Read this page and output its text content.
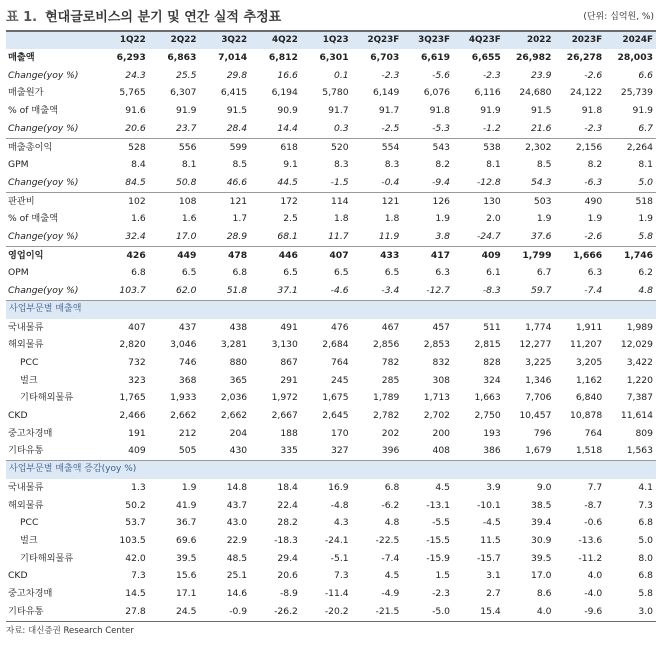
표 1. 현대글로비스의 분기 및 연간 실적 추정표	(단위: 십억원, %)
	1Q22	2Q22	3Q22	4Q22	1Q23	2Q23F	3Q23F	4Q23F	2022	2023F	2024F
매출액	6,293	6,863	7,014	6,812	6,301	6,703	6,619	6,655	26,982	26,278	28,003
Change(yoy %)	24.3	25.5	29.8	16.6	0.1	-2.3	-5.6	-2.3	23.9	-2.6	6.6
매출원가	5,765	6,307	6,415	6,194	5,780	6,149	6,076	6,116	24,680	24,122	25,739
% of 매출액	91.6	91.9	91.5	90.9	91.7	91.7	91.8	91.9	91.5	91.8	91.9
Change(yoy %)	20.6	23.7	28.4	14.4	0.3	-2.5	-5.3	-1.2	21.6	-2.3	6.7
매출총이익	528	556	599	618	520	554	543	538	2,302	2,156	2,264
GPM	8.4	8.1	8.5	9.1	8.3	8.3	8.2	8.1	8.5	8.2	8.1
Change(yoy %)	84.5	50.8	46.6	44.5	-1.5	-0.4	-9.4	-12.8	54.3	-6.3	5.0
판관비	102	108	121	172	114	121	126	130	503	490	518
% of 매출액	1.6	1.6	1.7	2.5	1.8	1.8	1.9	2.0	1.9	1.9	1.9
Change(yoy %)	32.4	17.0	28.9	68.1	11.7	11.9	3.8	-24.7	37.6	-2.6	5.8
영업이익	426	449	478	446	407	433	417	409	1,799	1,666	1,746
OPM	6.8	6.5	6.8	6.5	6.5	6.5	6.3	6.1	6.7	6.3	6.2
Change(yoy %)	103.7	62.0	51.8	37.1	-4.6	-3.4	-12.7	-8.3	59.7	-7.4	4.8
사업부문별 매출액											
국내물류	407	437	438	491	476	467	457	511	1,774	1,911	1,989
해외물류	2,820	3,046	3,281	3,130	2,684	2,856	2,853	2,815	12,277	11,207	12,029
PCC	732	746	880	867	764	782	832	828	3,225	3,205	3,422
벌크	323	368	365	291	245	285	308	324	1,346	1,162	1,220
기타해외물류	1,765	1,933	2,036	1,972	1,675	1,789	1,713	1,663	7,706	6,840	7,387
CKD	2,466	2,662	2,662	2,667	2,645	2,782	2,702	2,750	10,457	10,878	11,614
중고차경매	191	212	204	188	170	202	200	193	796	764	809
기타유통	409	505	430	335	327	396	408	386	1,679	1,518	1,563
사업부문별 매출액 증감(yoy %)											
국내물류	1.3	1.9	14.8	18.4	16.9	6.8	4.5	3.9	9.0	7.7	4.1
해외물류	50.2	41.9	43.7	22.4	-4.8	-6.2	-13.1	-10.1	38.5	-8.7	7.3
PCC	53.7	36.7	43.0	28.2	4.3	4.8	-5.5	-4.5	39.4	-0.6	6.8
벌크	103.5	69.6	22.9	-18.3	-24.1	-22.5	-15.5	11.5	30.9	-13.6	5.0
기타해외물류	42.0	39.5	48.5	29.4	-5.1	-7.4	-15.9	-15.7	39.5	-11.2	8.0
CKD	7.3	15.6	25.1	20.6	7.3	4.5	1.5	3.1	17.0	4.0	6.8
중고차경매	14.5	17.1	14.6	-8.9	-11.4	-4.9	-2.3	2.7	8.6	-4.0	5.8
기타유통	27.8	24.5	-0.9	-26.2	-20.2	-21.5	-5.0	15.4	4.0	-9.6	3.0
자료: 대신증권 Research Center
